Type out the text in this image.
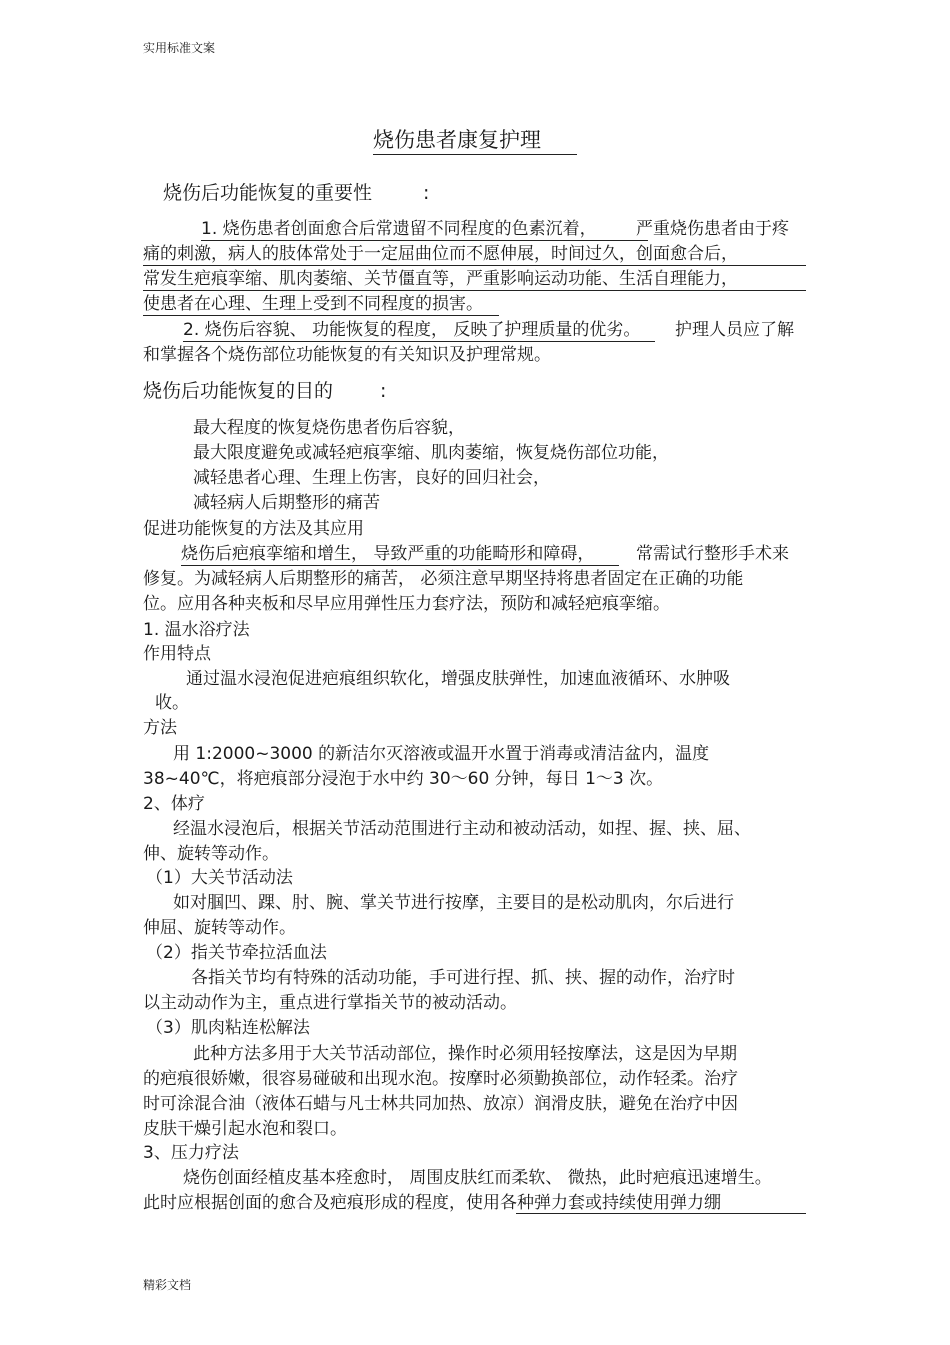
实用标准文案
烧伤患者康复护理
烧伤后功能恢复的重要性	:
1. 烧伤患者创面愈合后常遗留不同程度的色素沉着， 严重烧伤患者由于疼
痛的刺激，病人的肢体常处于一定屈曲位而不愿伸展，时间过久，创面愈合后，
常发生疤痕挛缩、肌肉萎缩、关节僵直等，严重影响运动功能、生活自理能力，
使患者在心理、生理上受到不同程度的损害。
2. 烧伤后容貌、 功能恢复的程度， 反映了护理质量的优劣。 护理人员应了解
和掌握各个烧伤部位功能恢复的有关知识及护理常规。
烧伤后功能恢复的目的 :
最大程度的恢复烧伤患者伤后容貌，
最大限度避免或减轻疤痕挛缩、肌肉萎缩，恢复烧伤部位功能，
减轻患者心理、生理上伤害，良好的回归社会，
减轻病人后期整形的痛苦
促进功能恢复的方法及其应用
烧伤后疤痕挛缩和增生， 导致严重的功能畸形和障碍， 常需试行整形手术来
修复。为减轻病人后期整形的痛苦， 必须注意早期坚持将患者固定在正确的功能
位。应用各种夹板和尽早应用弹性压力套疗法，预防和减轻疤痕挛缩。
1. 温水浴疗法
作用特点
通过温水浸泡促进疤痕组织软化，增强皮肤弹性，加速血液循环、水肿吸
收。
方法
用 1:2000~3000 的新洁尔灭溶液或温开水置于消毒或清洁盆内，温度
38~40℃，将疤痕部分浸泡于水中约 30～60 分钟，每日 1～3 次。
2、体疗
经温水浸泡后，根据关节活动范围进行主动和被动活动，如捏、握、挟、屈、
伸、旋转等动作。
（1）大关节活动法
如对腘凹、踝、肘、腕、掌关节进行按摩，主要目的是松动肌肉，尔后进行
伸屈、旋转等动作。
（2）指关节牵拉活血法
各指关节均有特殊的活动功能，手可进行捏、抓、挟、握的动作，治疗时
以主动动作为主，重点进行掌指关节的被动活动。
（3）肌肉粘连松解法
此种方法多用于大关节活动部位，操作时必须用轻按摩法，这是因为早期
的疤痕很娇嫩，很容易碰破和出现水泡。按摩时必须勤换部位，动作轻柔。治疗
时可涂混合油（液体石蜡与凡士林共同加热、放凉）润滑皮肤，避免在治疗中因
皮肤干燥引起水泡和裂口。
3、压力疗法
烧伤创面经植皮基本痊愈时， 周围皮肤红而柔软、 微热，此时疤痕迅速增生。
此时应根据创面的愈合及疤痕形成的程度，使用各种弹力套或持续使用弹力绷
精彩文档
